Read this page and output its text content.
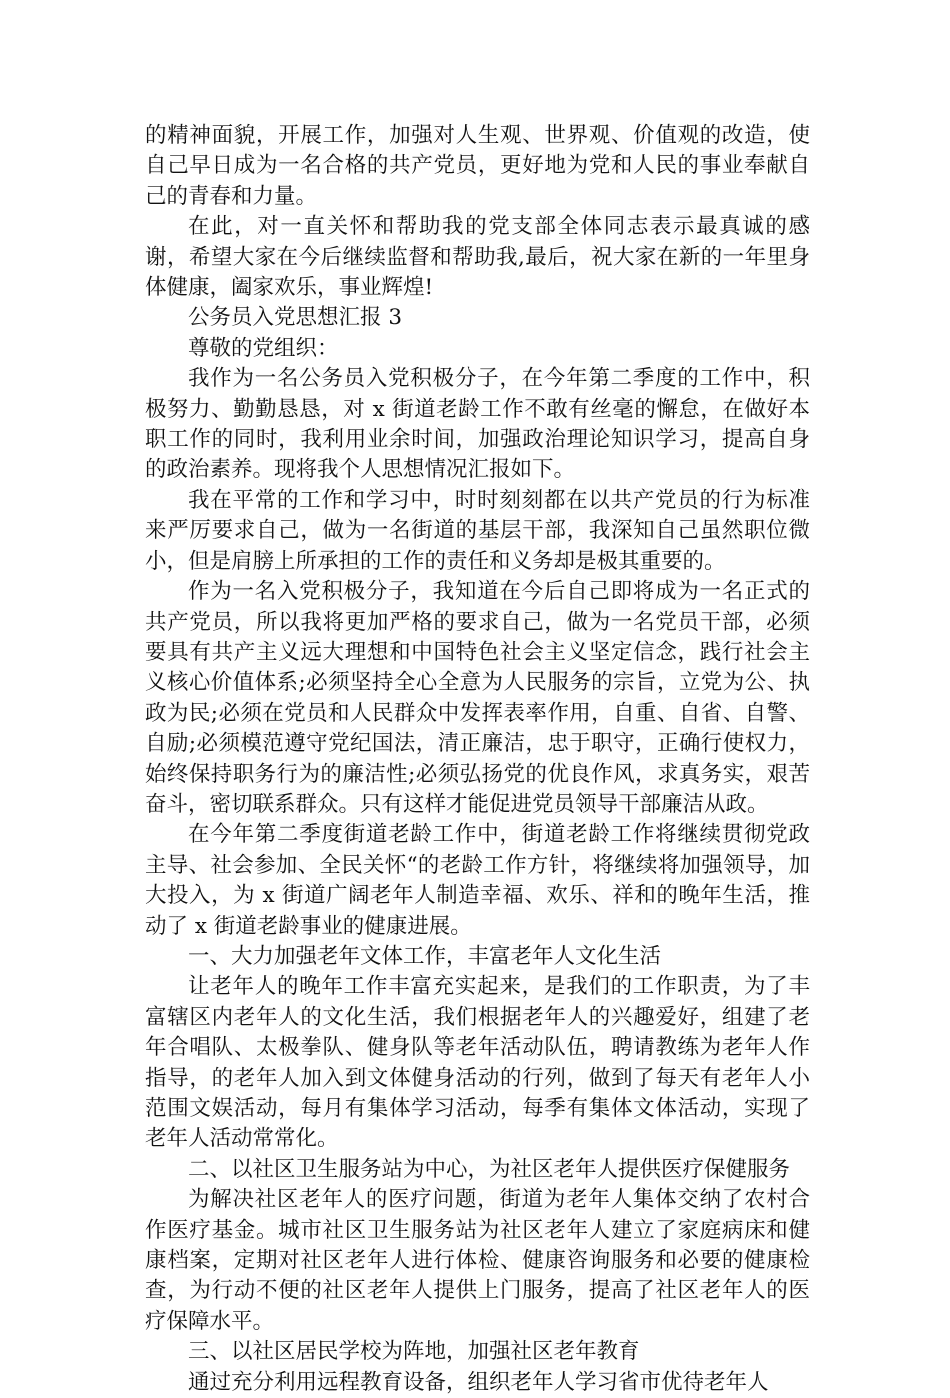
的精神面貌，开展工作，加强对人生观、世界观、价值观的改造，使自己早日成为一名合格的共产党员，更好地为党和人民的事业奉献自己的青春和力量。

在此，对一直关怀和帮助我的党支部全体同志表示最真诚的感谢，希望大家在今后继续监督和帮助我,最后，祝大家在新的一年里身体健康，阖家欢乐，事业辉煌!

公务员入党思想汇报 3

尊敬的党组织：

我作为一名公务员入党积极分子，在今年第二季度的工作中，积极努力、勤勤恳恳，对 x 街道老龄工作不敢有丝毫的懈怠，在做好本职工作的同时，我利用业余时间，加强政治理论知识学习，提高自身的政治素养。现将我个人思想情况汇报如下。

我在平常的工作和学习中，时时刻刻都在以共产党员的行为标准来严厉要求自己，做为一名街道的基层干部，我深知自己虽然职位微小，但是肩膀上所承担的工作的责任和义务却是极其重要的。

作为一名入党积极分子，我知道在今后自己即将成为一名正式的共产党员，所以我将更加严格的要求自己，做为一名党员干部，必须要具有共产主义远大理想和中国特色社会主义坚定信念，践行社会主义核心价值体系;必须坚持全心全意为人民服务的宗旨，立党为公、执政为民;必须在党员和人民群众中发挥表率作用，自重、自省、自警、自励;必须模范遵守党纪国法，清正廉洁，忠于职守，正确行使权力，始终保持职务行为的廉洁性;必须弘扬党的优良作风，求真务实，艰苦奋斗，密切联系群众。只有这样才能促进党员领导干部廉洁从政。

在今年第二季度街道老龄工作中，街道老龄工作将继续贯彻党政主导、社会参加、全民关怀“的老龄工作方针，将继续将加强领导，加大投入，为 x 街道广阔老年人制造幸福、欢乐、祥和的晚年生活，推动了 x 街道老龄事业的健康进展。

一、大力加强老年文体工作，丰富老年人文化生活

让老年人的晚年工作丰富充实起来，是我们的工作职责，为了丰富辖区内老年人的文化生活，我们根据老年人的兴趣爱好，组建了老年合唱队、太极拳队、健身队等老年活动队伍，聘请教练为老年人作指导，的老年人加入到文体健身活动的行列，做到了每天有老年人小范围文娱活动，每月有集体学习活动，每季有集体文体活动，实现了老年人活动常常化。

二、以社区卫生服务站为中心，为社区老年人提供医疗保健服务

为解决社区老年人的医疗问题，街道为老年人集体交纳了农村合作医疗基金。城市社区卫生服务站为社区老年人建立了家庭病床和健康档案，定期对社区老年人进行体检、健康咨询服务和必要的健康检查，为行动不便的社区老年人提供上门服务，提高了社区老年人的医疗保障水平。

三、以社区居民学校为阵地，加强社区老年教育

通过充分利用远程教育设备，组织老年人学习省市优待老年人
